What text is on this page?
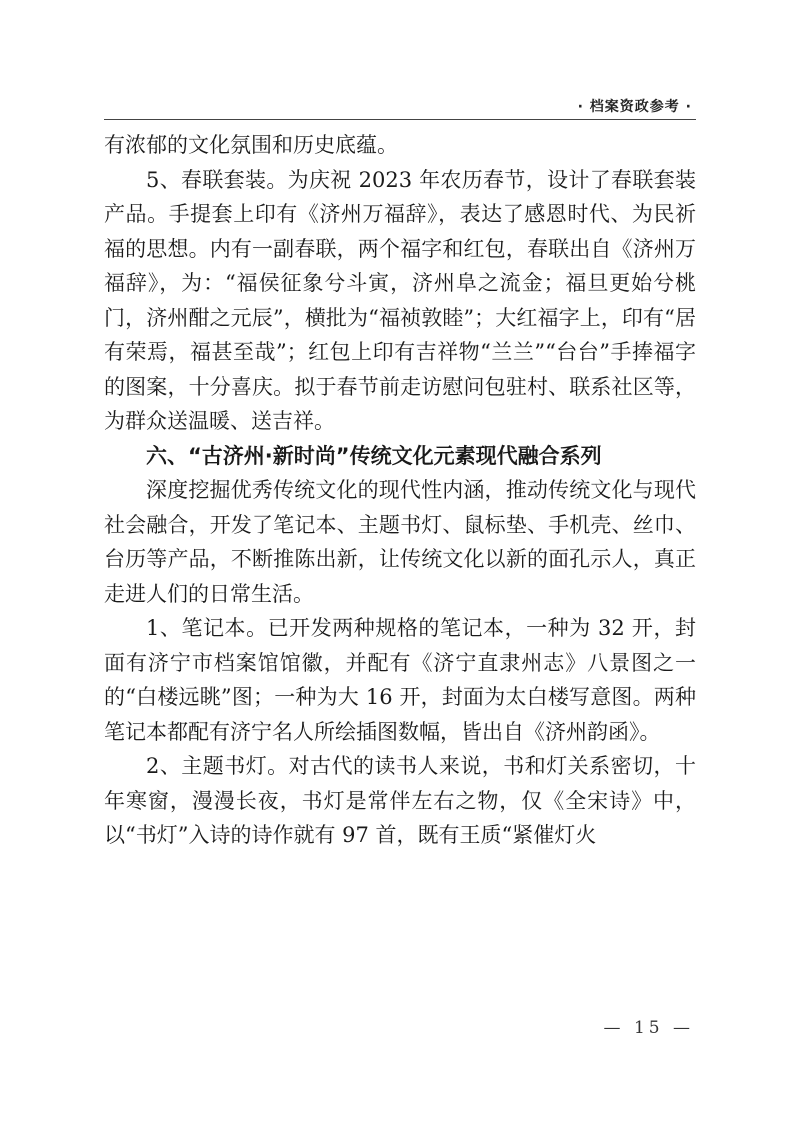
· 档案资政参考 ·

有浓郁的文化氛围和历史底蕴。

5、春联套装。为庆祝 2023 年农历春节，设计了春联套装产品。手提套上印有《济州万福辞》，表达了感恩时代、为民祈福的思想。内有一副春联，两个福字和红包，春联出自《济州万福辞》，为：“福侯征象兮斗寅，济州阜之流金；福旦更始兮桃门，济州酣之元辰”，横批为“福祯敦睦”；大红福字上，印有“居有荣焉，福甚至哉”；红包上印有吉祥物“兰兰”“台台”手捧福字的图案，十分喜庆。拟于春节前走访慰问包驻村、联系社区等，为群众送温暖、送吉祥。

六、“古济州·新时尚”传统文化元素现代融合系列

深度挖掘优秀传统文化的现代性内涵，推动传统文化与现代社会融合，开发了笔记本、主题书灯、鼠标垫、手机壳、丝巾、台历等产品，不断推陈出新，让传统文化以新的面孔示人，真正走进人们的日常生活。

1、笔记本。已开发两种规格的笔记本，一种为 32 开，封面有济宁市档案馆馆徽，并配有《济宁直隶州志》八景图之一的“白楼远眺”图；一种为大 16 开，封面为太白楼写意图。两种笔记本都配有济宁名人所绘插图数幅，皆出自《济州韵函》。

2、主题书灯。对古代的读书人来说，书和灯关系密切，十年寒窗，漫漫长夜，书灯是常伴左右之物，仅《全宋诗》中，以“书灯”入诗的诗作就有 97 首，既有王质“紧催灯火

— 15 —
